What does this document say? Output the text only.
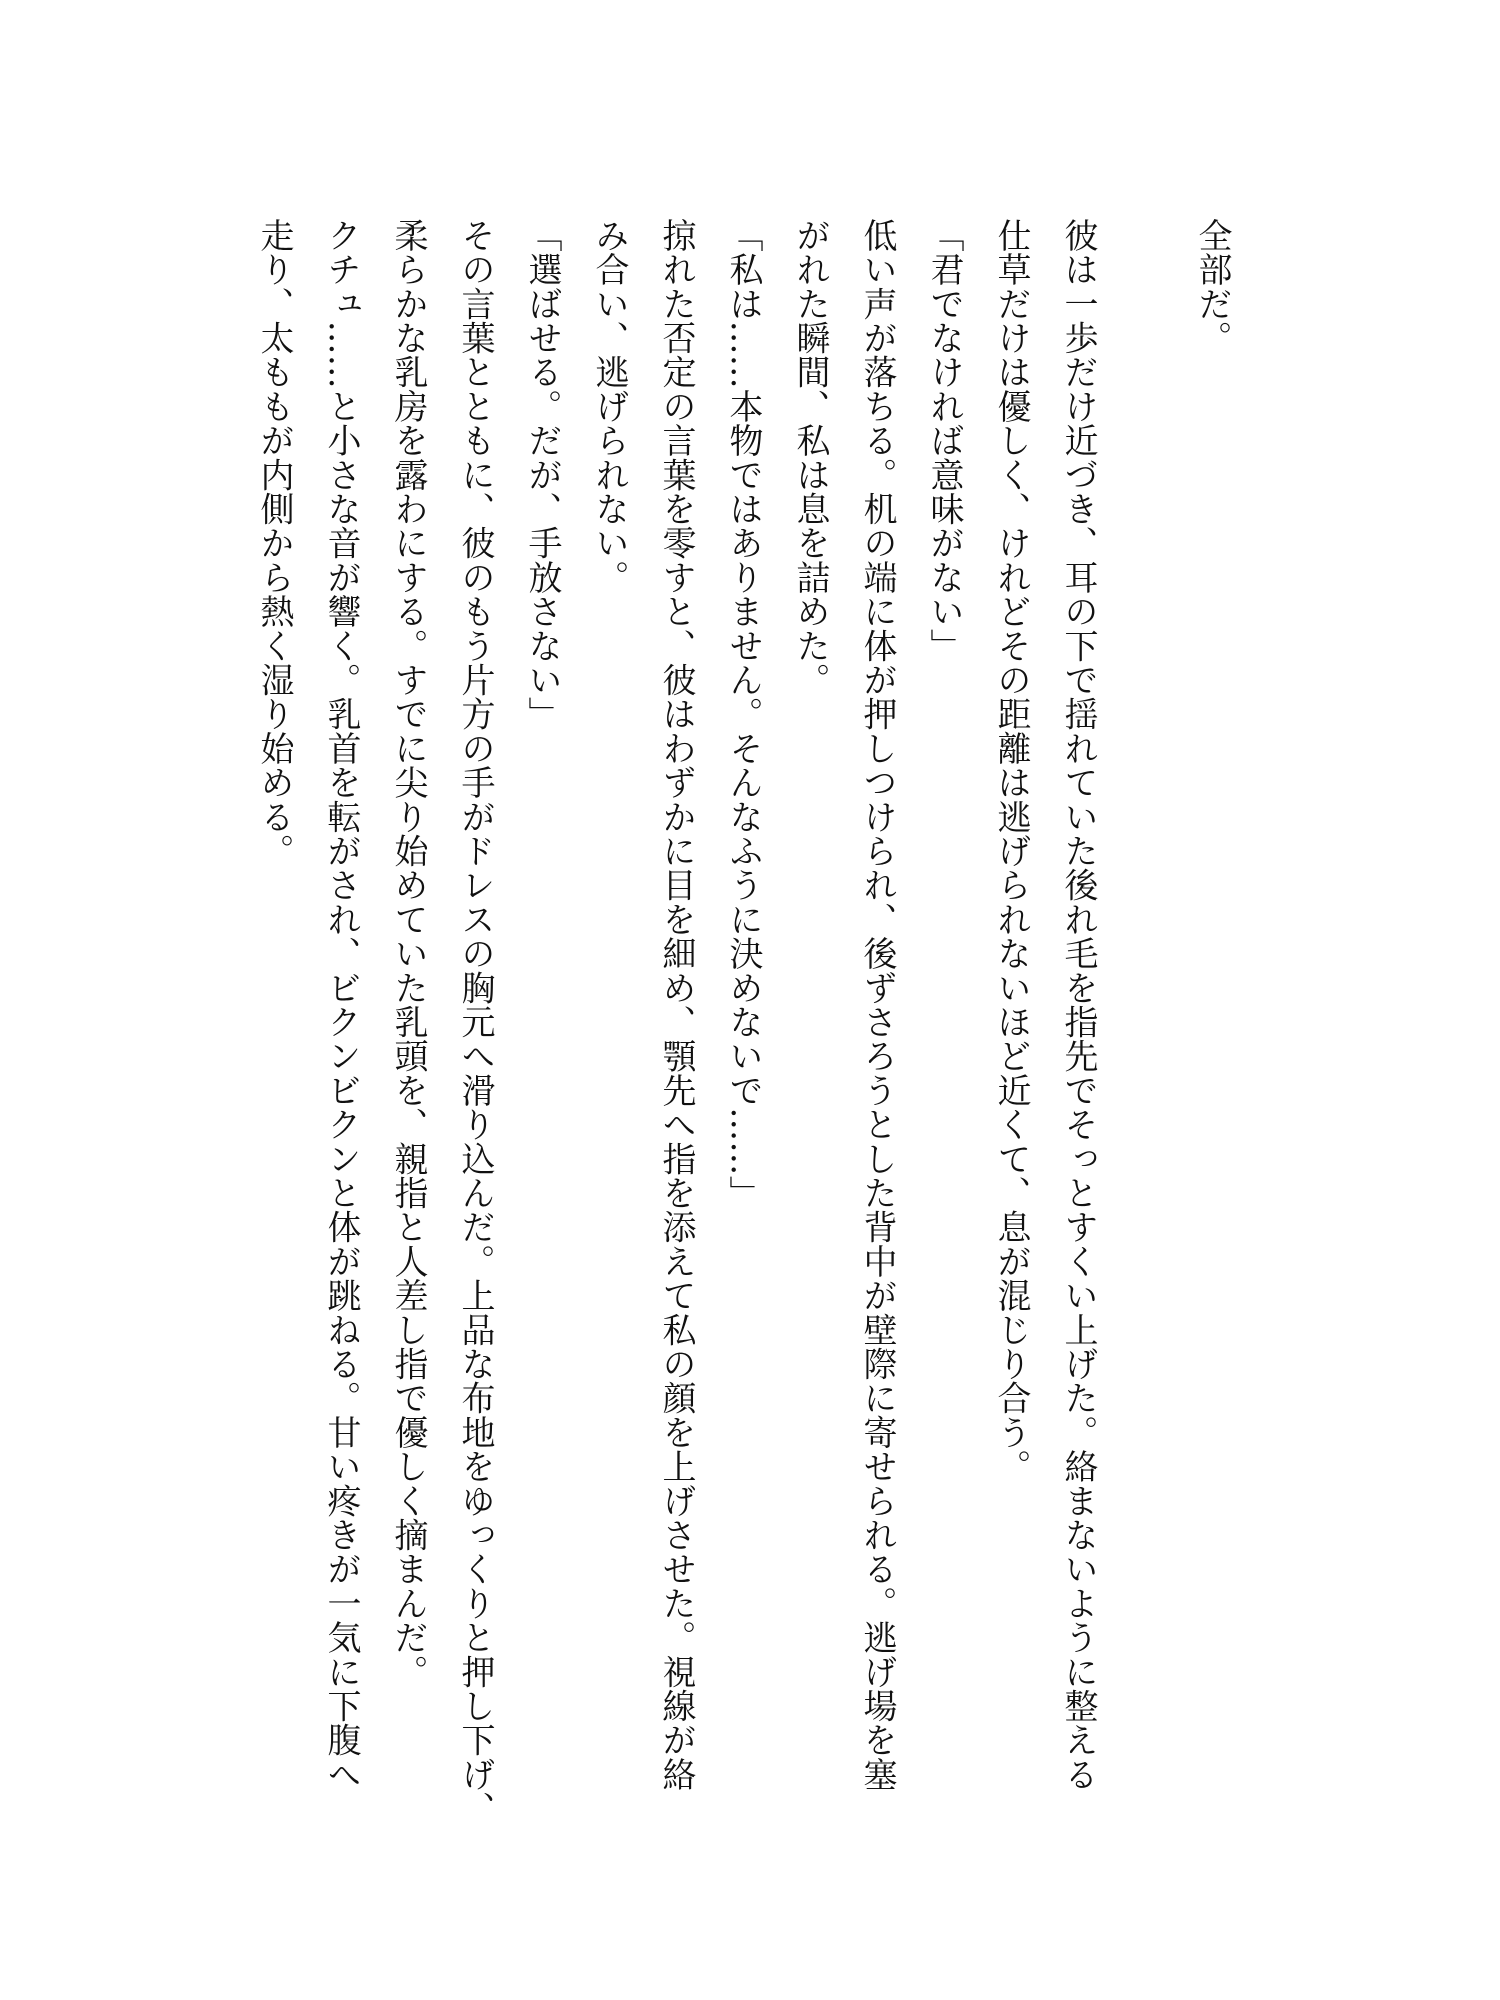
全部だ。
彼は一歩だけ近づき、耳の下で揺れていた後れ毛を指先でそっとすくい上げた。絡まないように整える
仕草だけは優しく、けれどその距離は逃げられないほど近くて、息が混じり合う。
「君でなければ意味がない」
低い声が落ちる。机の端に体が押しつけられ、後ずさろうとした背中が壁際に寄せられる。逃げ場を塞
がれた瞬間、私は息を詰めた。
「私は……本物ではありません。そんなふうに決めないで……」
掠れた否定の言葉を零すと、彼はわずかに目を細め、顎先へ指を添えて私の顔を上げさせた。視線が絡
み合い、逃げられない。
「選ばせる。だが、手放さない」
その言葉とともに、彼のもう片方の手がドレスの胸元へ滑り込んだ。上品な布地をゆっくりと押し下げ、
柔らかな乳房を露わにする。すでに尖り始めていた乳頭を、親指と人差し指で優しく摘まんだ。
クチュ……と小さな音が響く。乳首を転がされ、ビクンビクンと体が跳ねる。甘い疼きが一気に下腹へ
走り、太ももが内側から熱く湿り始める。
